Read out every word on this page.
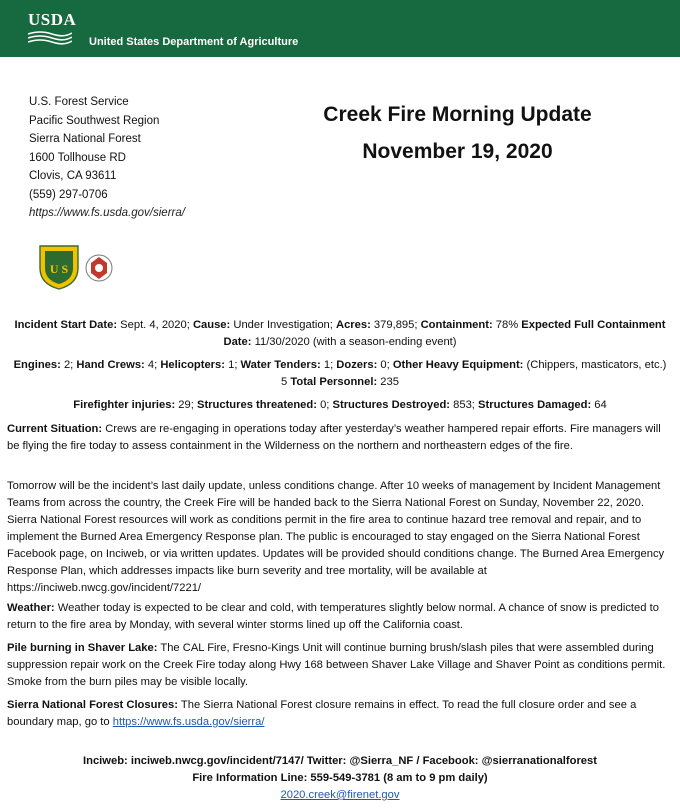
USDA
United States Department of Agriculture
U.S. Forest Service
Pacific Southwest Region
Sierra National Forest
1600 Tollhouse RD
Clovis, CA 93611
(559) 297-0706
https://www.fs.usda.gov/sierra/
Creek Fire Morning Update
November 19, 2020
U S
Incident Start Date: Sept. 4, 2020; Cause: Under Investigation; Acres: 379,895; Containment: 78% Expected Full Containment Date: 11/30/2020 (with a season-ending event)
Engines: 2; Hand Crews: 4; Helicopters: 1; Water Tenders: 1; Dozers: 0; Other Heavy Equipment: (Chippers, masticators, etc.) 5 Total Personnel: 235
Firefighter injuries: 29; Structures threatened: 0; Structures Destroyed: 853; Structures Damaged: 64
Current Situation: Crews are re-engaging in operations today after yesterday’s weather hampered repair efforts. Fire managers will be flying the fire today to assess containment in the Wilderness on the northern and northeastern edges of the fire.
Tomorrow will be the incident’s last daily update, unless conditions change. After 10 weeks of management by Incident Management Teams from across the country, the Creek Fire will be handed back to the Sierra National Forest on Sunday, November 22, 2020. Sierra National Forest resources will work as conditions permit in the fire area to continue hazard tree removal and repair, and to implement the Burned Area Emergency Response plan. The public is encouraged to stay engaged on the Sierra National Forest Facebook page, on Inciweb, or via written updates. Updates will be provided should conditions change. The Burned Area Emergency Response Plan, which addresses impacts like burn severity and tree mortality, will be available at https://inciweb.nwcg.gov/incident/7221/
Weather: Weather today is expected to be clear and cold, with temperatures slightly below normal. A chance of snow is predicted to return to the fire area by Monday, with several winter storms lined up off the California coast.
Pile burning in Shaver Lake: The CAL Fire, Fresno-Kings Unit will continue burning brush/slash piles that were assembled during suppression repair work on the Creek Fire today along Hwy 168 between Shaver Lake Village and Shaver Point as conditions permit. Smoke from the burn piles may be visible locally.
Sierra National Forest Closures: The Sierra National Forest closure remains in effect. To read the full closure order and see a boundary map, go to https://www.fs.usda.gov/sierra/
Inciweb: inciweb.nwcg.gov/incident/7147/ Twitter: @Sierra_NF / Facebook: @sierranationalforest
Fire Information Line: 559-549-3781 (8 am to 9 pm daily)
2020.creek@firenet.gov
